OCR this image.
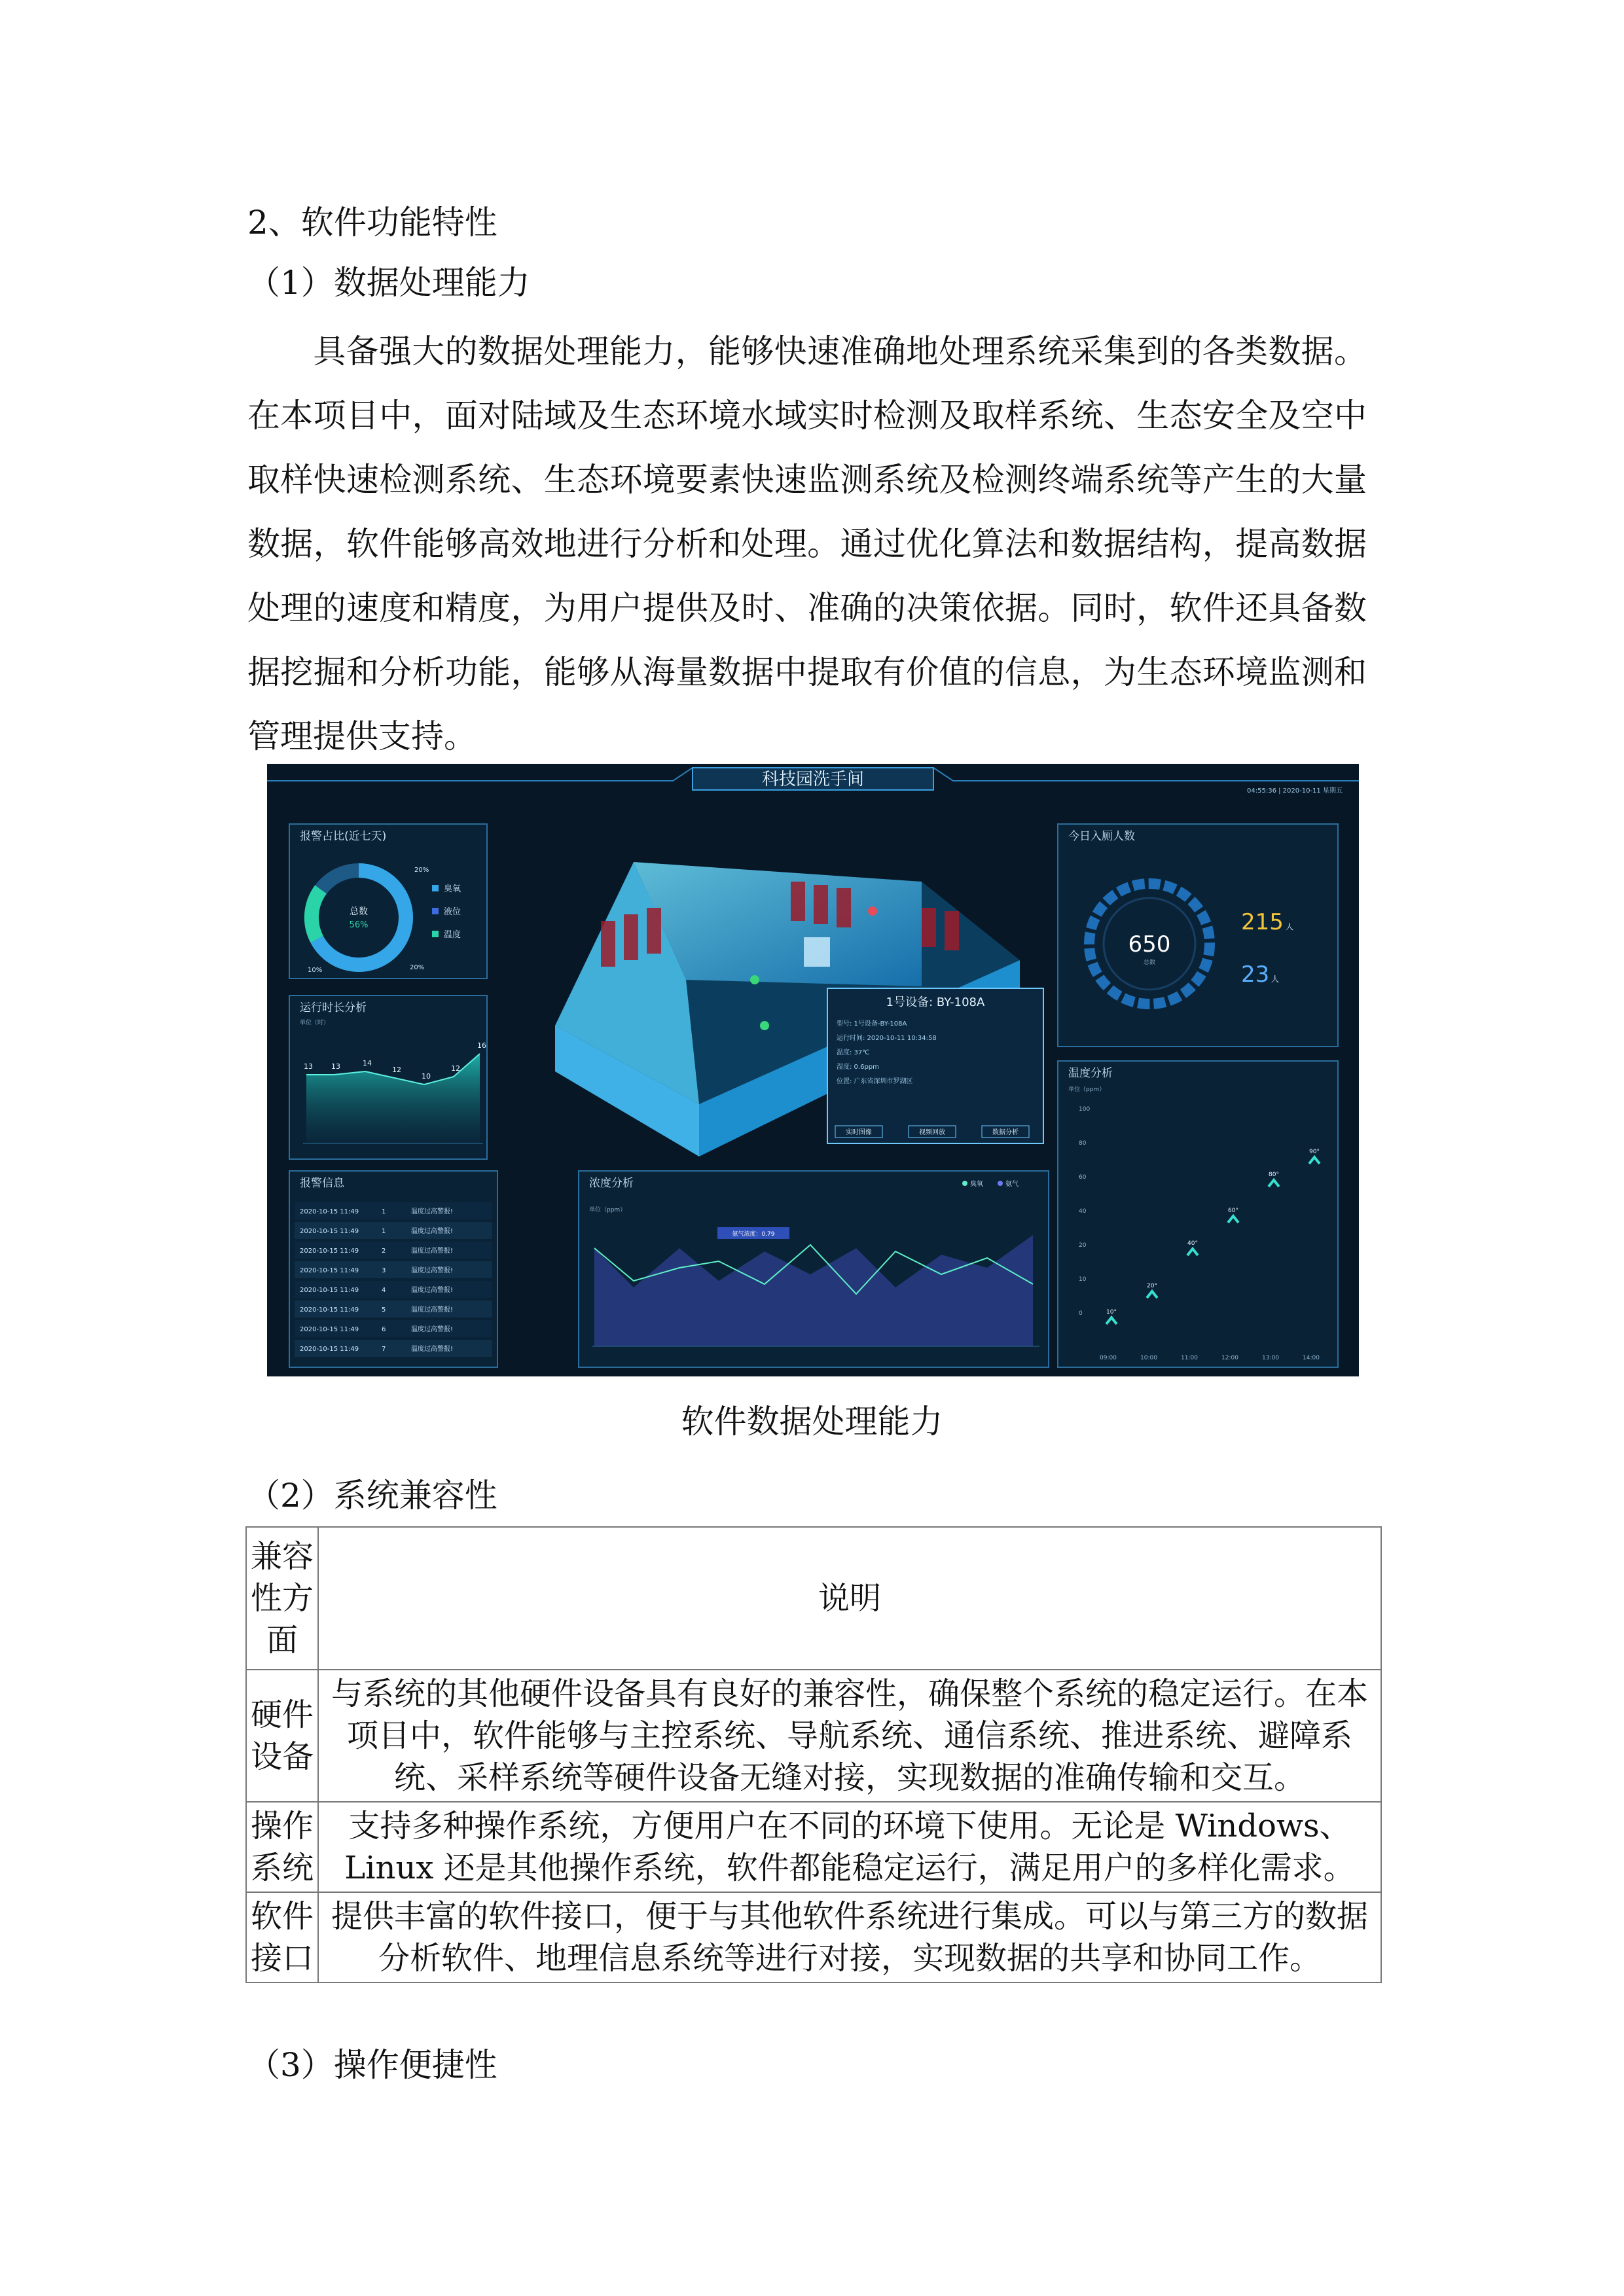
2、软件功能特性
（1）数据处理能力
具备强大的数据处理能力，能够快速准确地处理系统采集到的各类数据。在本项目中，面对陆域及生态环境水域实时检测及取样系统、生态安全及空中取样快速检测系统、生态环境要素快速监测系统及检测终端系统等产生的大量数据，软件能够高效地进行分析和处理。通过优化算法和数据结构，提高数据处理的速度和精度，为用户提供及时、准确的决策依据。同时，软件还具备数据挖掘和分析功能，能够从海量数据中提取有价值的信息，为生态环境监测和管理提供支持。
科技园洗手间
04:55:36 | 2020-10-11 星期五
报警占比(近七天)
总数
56%
20%
10%	20%
臭氧
液位
温度
运行时长分析
单位（时）
13	13	14
12
10
12
16
报警信息
2020-10-15 11:49	1	温度过高警报!
2020-10-15 11:49	1	温度过高警报!
2020-10-15 11:49	2	温度过高警报!
2020-10-15 11:49	3	温度过高警报!
2020-10-15 11:49	4	温度过高警报!
2020-10-15 11:49	5	温度过高警报!
2020-10-15 11:49	6	温度过高警报!
2020-10-15 11:49	7	温度过高警报!
1号设备: BY-108A
型号: 1号设备-BY-108A
运行时间: 2020-10-11 10:34:58
温度: 37℃
湿度: 0.6ppm
位置: 广东省深圳市罗湖区
实时图像	视频回放	数据分析
浓度分析
单位（ppm）
臭氧	氨气
氨气浓度：0.79
今日入厕人数
650
总数
215 人
23 人
温度分析
单位（ppm）
100
80
60
40
20
10
0
09:00	10:00	11:00	12:00	13:00	14:00
10°
20°
40°
60°
80°
90°
软件数据处理能力
（2）系统兼容性
兼容性方面	说明
硬件设备	与系统的其他硬件设备具有良好的兼容性，确保整个系统的稳定运行。在本项目中，软件能够与主控系统、导航系统、通信系统、推进系统、避障系统、采样系统等硬件设备无缝对接，实现数据的准确传输和交互。
操作系统	支持多种操作系统，方便用户在不同的环境下使用。无论是 Windows、Linux 还是其他操作系统，软件都能稳定运行，满足用户的多样化需求。
软件接口	提供丰富的软件接口，便于与其他软件系统进行集成。可以与第三方的数据分析软件、地理信息系统等进行对接，实现数据的共享和协同工作。
（3）操作便捷性
